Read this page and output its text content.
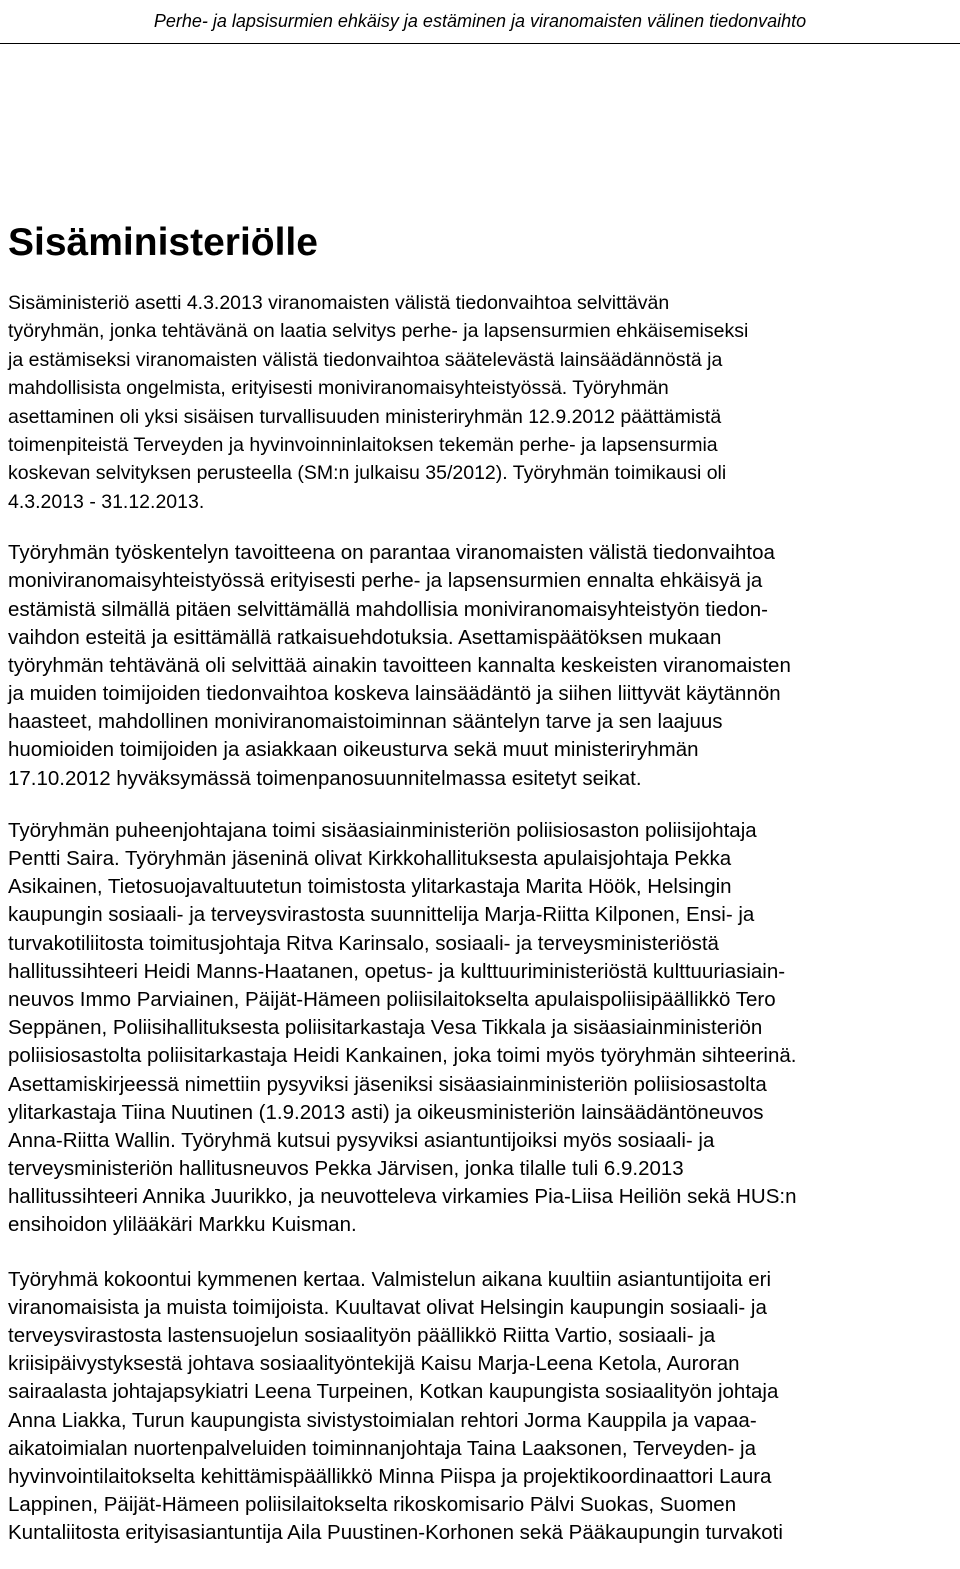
Perhe- ja lapsisurmien ehkäisy ja estäminen ja viranomaisten välinen tiedonvaihto
Sisäministeriölle

Sisäministeriö asetti 4.3.2013 viranomaisten välistä tiedonvaihtoa selvittävän
työryhmän, jonka tehtävänä on laatia selvitys perhe- ja lapsensurmien ehkäisemiseksi
ja estämiseksi viranomaisten välistä tiedonvaihtoa säätelevästä lainsäädännöstä ja
mahdollisista ongelmista, erityisesti moniviranomaisyhteistyössä. Työryhmän
asettaminen oli yksi sisäisen turvallisuuden ministeriryhmän 12.9.2012 päättämistä
toimenpiteistä Terveyden ja hyvinvoinninlaitoksen tekemän perhe- ja lapsensurmia
koskevan selvityksen perusteella (SM:n julkaisu 35/2012). Työryhmän toimikausi oli
4.3.2013 - 31.12.2013.

Työryhmän työskentelyn tavoitteena on parantaa viranomaisten välistä tiedonvaihtoa
moniviranomaisyhteistyössä erityisesti perhe- ja lapsensurmien ennalta ehkäisyä ja
estämistä silmällä pitäen selvittämällä mahdollisia moniviranomaisyhteistyön tiedon-
vaihdon esteitä ja esittämällä ratkaisuehdotuksia. Asettamispäätöksen mukaan
työryhmän tehtävänä oli selvittää ainakin tavoitteen kannalta keskeisten viranomaisten
ja muiden toimijoiden tiedonvaihtoa koskeva lainsäädäntö ja siihen liittyvät käytännön
haasteet, mahdollinen moniviranomaistoiminnan sääntelyn tarve ja sen laajuus
huomioiden toimijoiden ja asiakkaan oikeusturva sekä muut ministeriryhmän
17.10.2012 hyväksymässä toimenpanosuunnitelmassa esitetyt seikat.

Työryhmän puheenjohtajana toimi sisäasiainministeriön poliisiosaston poliisijohtaja
Pentti Saira. Työryhmän jäseninä olivat Kirkkohallituksesta apulaisjohtaja Pekka
Asikainen, Tietosuojavaltuutetun toimistosta ylitarkastaja Marita Höök, Helsingin
kaupungin sosiaali- ja terveysvirastosta suunnittelija Marja-Riitta Kilponen, Ensi- ja
turvakotiliitosta toimitusjohtaja Ritva Karinsalo, sosiaali- ja terveysministeriöstä
hallitussihteeri Heidi Manns-Haatanen, opetus- ja kulttuuriministeriöstä kulttuuriasiain-
neuvos Immo Parviainen, Päijät-Hämeen poliisilaitokselta apulaispoliisipäällikkö Tero
Seppänen, Poliisihallituksesta poliisitarkastaja Vesa Tikkala ja sisäasiainministeriön
poliisiosastolta poliisitarkastaja Heidi Kankainen, joka toimi myös työryhmän sihteerinä.
Asettamiskirjeessä nimettiin pysyviksi jäseniksi sisäasiainministeriön poliisiosastolta
ylitarkastaja Tiina Nuutinen (1.9.2013 asti) ja oikeusministeriön lainsäädäntöneuvos
Anna-Riitta Wallin. Työryhmä kutsui pysyviksi asiantuntijoiksi myös sosiaali- ja
terveysministeriön hallitusneuvos Pekka Järvisen, jonka tilalle tuli 6.9.2013
hallitussihteeri Annika Juurikko, ja neuvotteleva virkamies Pia-Liisa Heiliön sekä HUS:n
ensihoidon ylilääkäri Markku Kuisman.

Työryhmä kokoontui kymmenen kertaa. Valmistelun aikana kuultiin asiantuntijoita eri
viranomaisista ja muista toimijoista. Kuultavat olivat Helsingin kaupungin sosiaali- ja
terveysvirastosta lastensuojelun sosiaalityön päällikkö Riitta Vartio, sosiaali- ja
kriisipäivystyksestä johtava sosiaalityöntekijä Kaisu Marja-Leena Ketola, Auroran
sairaalasta johtajapsykiatri Leena Turpeinen, Kotkan kaupungista sosiaalityön johtaja
Anna Liakka, Turun kaupungista sivistystoimialan rehtori Jorma Kauppila ja vapaa-
aikatoimialan nuortenpalveluiden toiminnanjohtaja Taina Laaksonen, Terveyden- ja
hyvinvointilaitokselta kehittämispäällikkö Minna Piispa ja projektikoordinaattori Laura
Lappinen, Päijät-Hämeen poliisilaitokselta rikoskomisario Pälvi Suokas, Suomen
Kuntaliitosta erityisasiantuntija Aila Puustinen-Korhonen sekä Pääkaupungin turvakoti
